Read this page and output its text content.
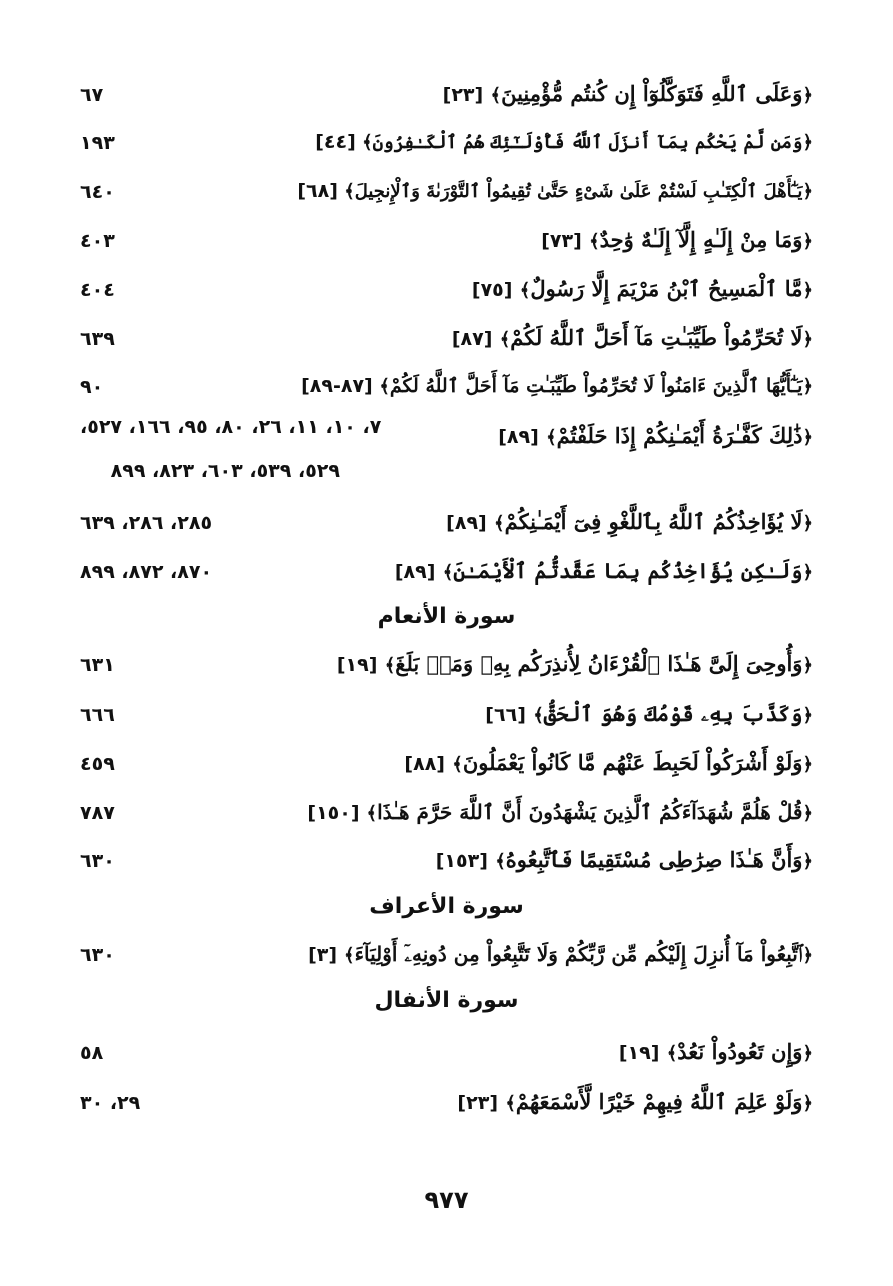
﴿وَعَلَى ٱللَّهِ فَتَوَكَّلُوٓاْ إِن كُنتُم مُّؤْمِنِينَ﴾ [٢٣]
٦٧
﴿وَمَن لَّمْ يَحْكُم بِمَآ أَنزَلَ ٱللَّهُ فَأُوْلَـٰٓئِكَ هُمُ ٱلْكَـٰفِرُونَ﴾ [٤٤]
١٩٣
﴿يَـٰٓأَهْلَ ٱلْكِتَـٰبِ لَسْتُمْ عَلَىٰ شَىْءٍ حَتَّىٰ تُقِيمُواْ ٱلتَّوْرَىٰةَ وَٱلْإِنجِيلَ﴾ [٦٨]
٦٤٠
﴿وَمَا مِنْ إِلَـٰهٍ إِلَّآ إِلَـٰهٌ وَٰحِدٌ﴾ [٧٣]
٤٠٣
﴿مَّا ٱلْمَسِيحُ ٱبْنُ مَرْيَمَ إِلَّا رَسُولٌ﴾ [٧٥]
٤٠٤
﴿لَا تُحَرِّمُواْ طَيِّبَـٰتِ مَآ أَحَلَّ ٱللَّهُ لَكُمْ﴾ [٨٧]
٦٣٩
﴿يَـٰٓأَيُّهَا ٱلَّذِينَ ءَامَنُواْ لَا تُحَرِّمُواْ طَيِّبَـٰتِ مَآ أَحَلَّ ٱللَّهُ لَكُمْ﴾ [٨٧-٨٩]
٩٠
﴿ذَٰلِكَ كَفَّـٰرَةُ أَيْمَـٰنِكُمْ إِذَا حَلَفْتُمْ﴾ [٨٩]
٧، ١٠، ١١، ٢٦، ٨٠، ٩٥، ١٦٦، ٥٢٧،
٥٢٩، ٥٣٩، ٦٠٣، ٨٢٣، ٨٩٩
﴿لَا يُؤَاخِذُكُمُ ٱللَّهُ بِٱللَّغْوِ فِىٓ أَيْمَـٰنِكُمْ﴾ [٨٩]
٢٨٥، ٢٨٦، ٦٣٩
﴿وَلَـٰكِن يُؤَاخِذُكُم بِمَا عَقَّدتُّمُ ٱلْأَيْمَـٰنَ﴾ [٨٩]
٨٧٠، ٨٧٢، ٨٩٩
سورة الأنعام
﴿وَأُوحِىَ إِلَىَّ هَـٰذَا ٱلْقُرْءَانُ لِأُنذِرَكُم بِهِۦ وَمَنۢ بَلَغَ﴾ [١٩]
٦٣١
﴿وَكَذَّبَ بِهِۦ قَوْمُكَ وَهُوَ ٱلْحَقُّ﴾ [٦٦]
٦٦٦
﴿وَلَوْ أَشْرَكُواْ لَحَبِطَ عَنْهُم مَّا كَانُواْ يَعْمَلُونَ﴾ [٨٨]
٤٥٩
﴿قُلْ هَلُمَّ شُهَدَآءَكُمُ ٱلَّذِينَ يَشْهَدُونَ أَنَّ ٱللَّهَ حَرَّمَ هَـٰذَا﴾ [١٥٠]
٧٨٧
﴿وَأَنَّ هَـٰذَا صِرَٰطِى مُسْتَقِيمًا فَٱتَّبِعُوهُ﴾ [١٥٣]
٦٣٠
سورة الأعراف
﴿ٱتَّبِعُواْ مَآ أُنزِلَ إِلَيْكُم مِّن رَّبِّكُمْ وَلَا تَتَّبِعُواْ مِن دُونِهِۦٓ أَوْلِيَآءَ﴾ [٣]
٦٣٠
سورة الأنفال
﴿وَإِن تَعُودُواْ نَعُدْ﴾ [١٩]
٥٨
﴿وَلَوْ عَلِمَ ٱللَّهُ فِيهِمْ خَيْرًا لَّأَسْمَعَهُمْ﴾ [٢٣]
٢٩، ٣٠
٩٧٧
